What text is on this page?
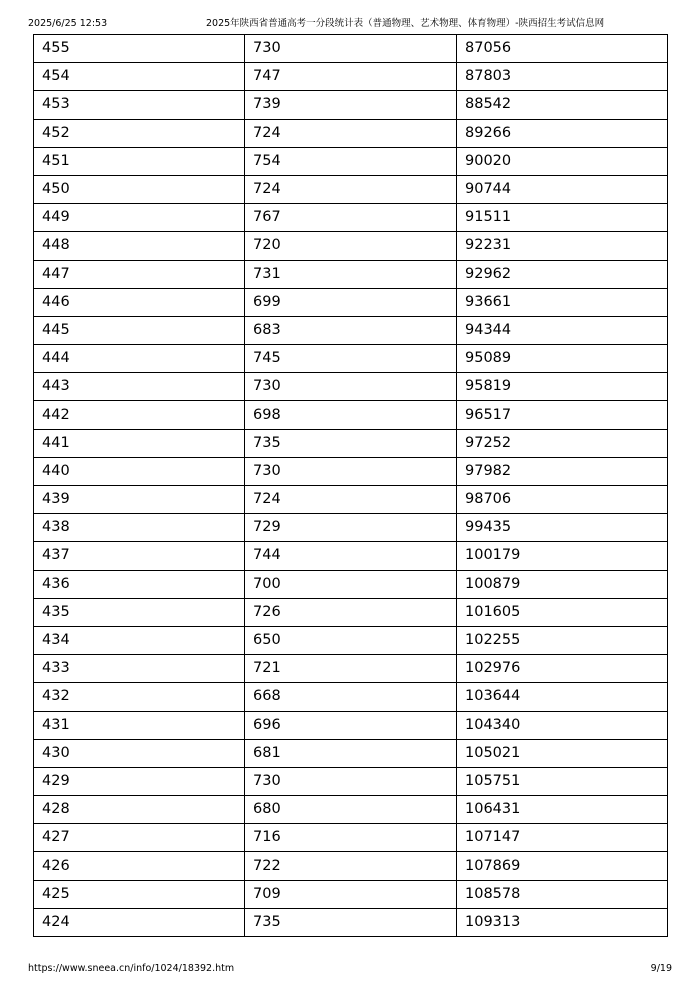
2025/6/25 12:53	2025年陕西省普通高考一分段统计表（普通物理、艺术物理、体育物理）-陕西招生考试信息网
455	730	87056
454	747	87803
453	739	88542
452	724	89266
451	754	90020
450	724	90744
449	767	91511
448	720	92231
447	731	92962
446	699	93661
445	683	94344
444	745	95089
443	730	95819
442	698	96517
441	735	97252
440	730	97982
439	724	98706
438	729	99435
437	744	100179
436	700	100879
435	726	101605
434	650	102255
433	721	102976
432	668	103644
431	696	104340
430	681	105021
429	730	105751
428	680	106431
427	716	107147
426	722	107869
425	709	108578
424	735	109313
https://www.sneea.cn/info/1024/18392.htm	9/19
